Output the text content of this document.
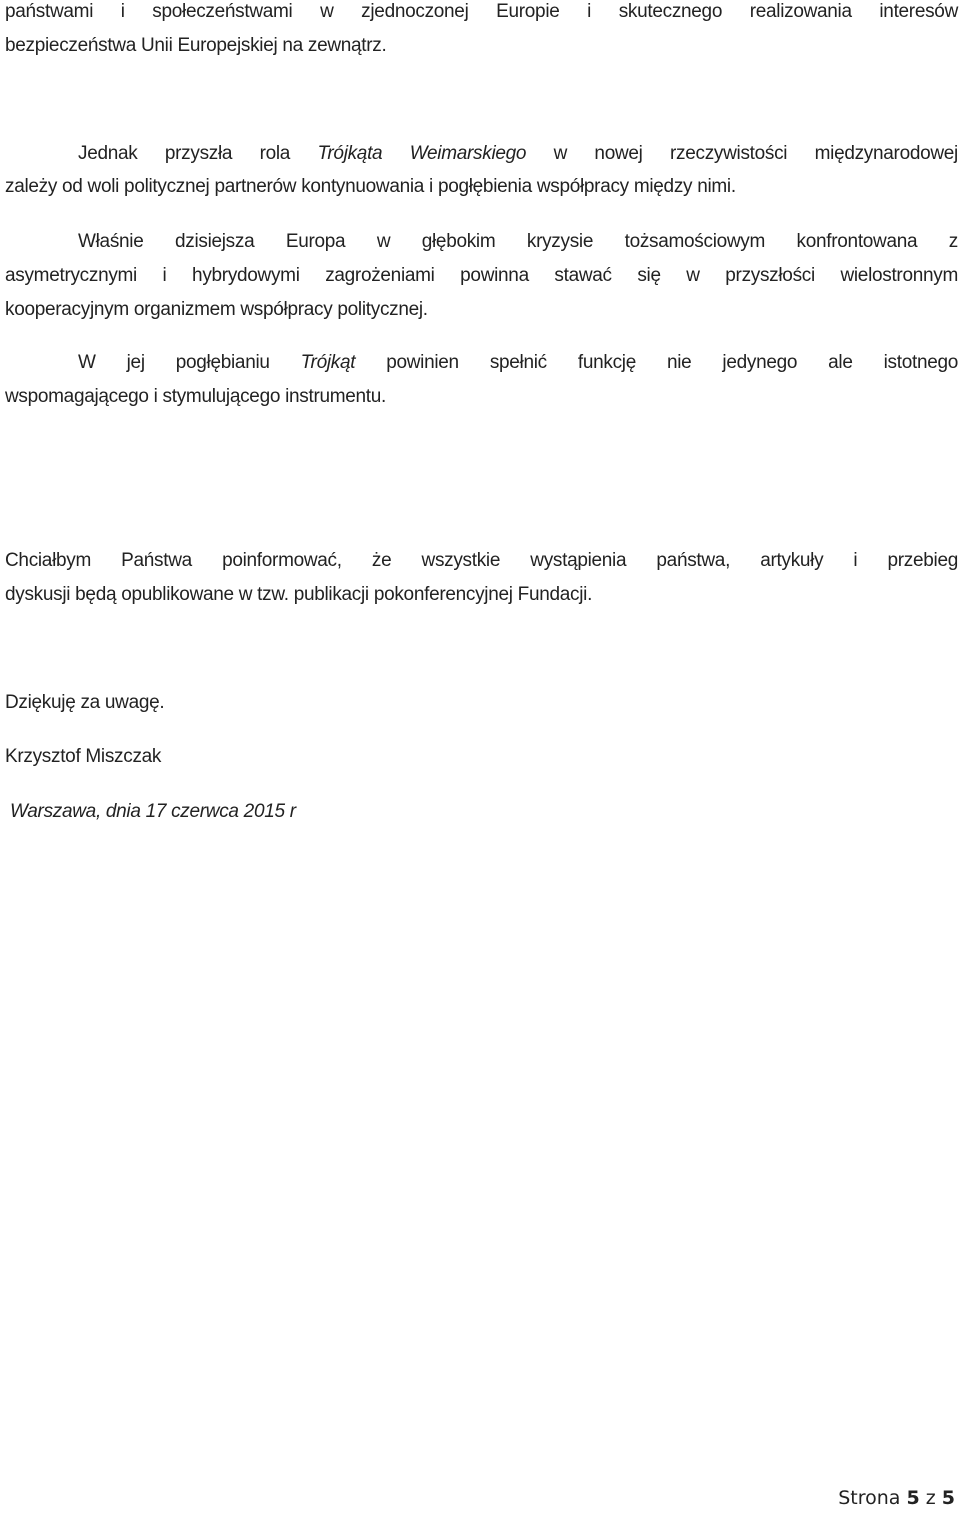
państwami i społeczeństwami w zjednoczonej Europie i skutecznego realizowania interesów
bezpieczeństwa Unii Europejskiej na zewnątrz.
Jednak przyszła rola Trójkąta Weimarskiego w nowej rzeczywistości międzynarodowej
zależy od woli politycznej partnerów kontynuowania i pogłębienia współpracy między nimi.
Właśnie dzisiejsza Europa w głębokim kryzysie tożsamościowym konfrontowana z
asymetrycznymi i hybrydowymi zagrożeniami powinna stawać się w przyszłości wielostronnym
kooperacyjnym organizmem współpracy politycznej.
W jej pogłębianiu Trójkąt powinien spełnić funkcję nie jedynego ale istotnego
wspomagającego i stymulującego instrumentu.
Chciałbym Państwa poinformować, że wszystkie wystąpienia państwa, artykuły i przebieg
dyskusji będą opublikowane w tzw. publikacji pokonferencyjnej Fundacji.
Dziękuję za uwagę.
Krzysztof Miszczak
Warszawa, dnia 17 czerwca 2015 r
Strona 5 z 5
